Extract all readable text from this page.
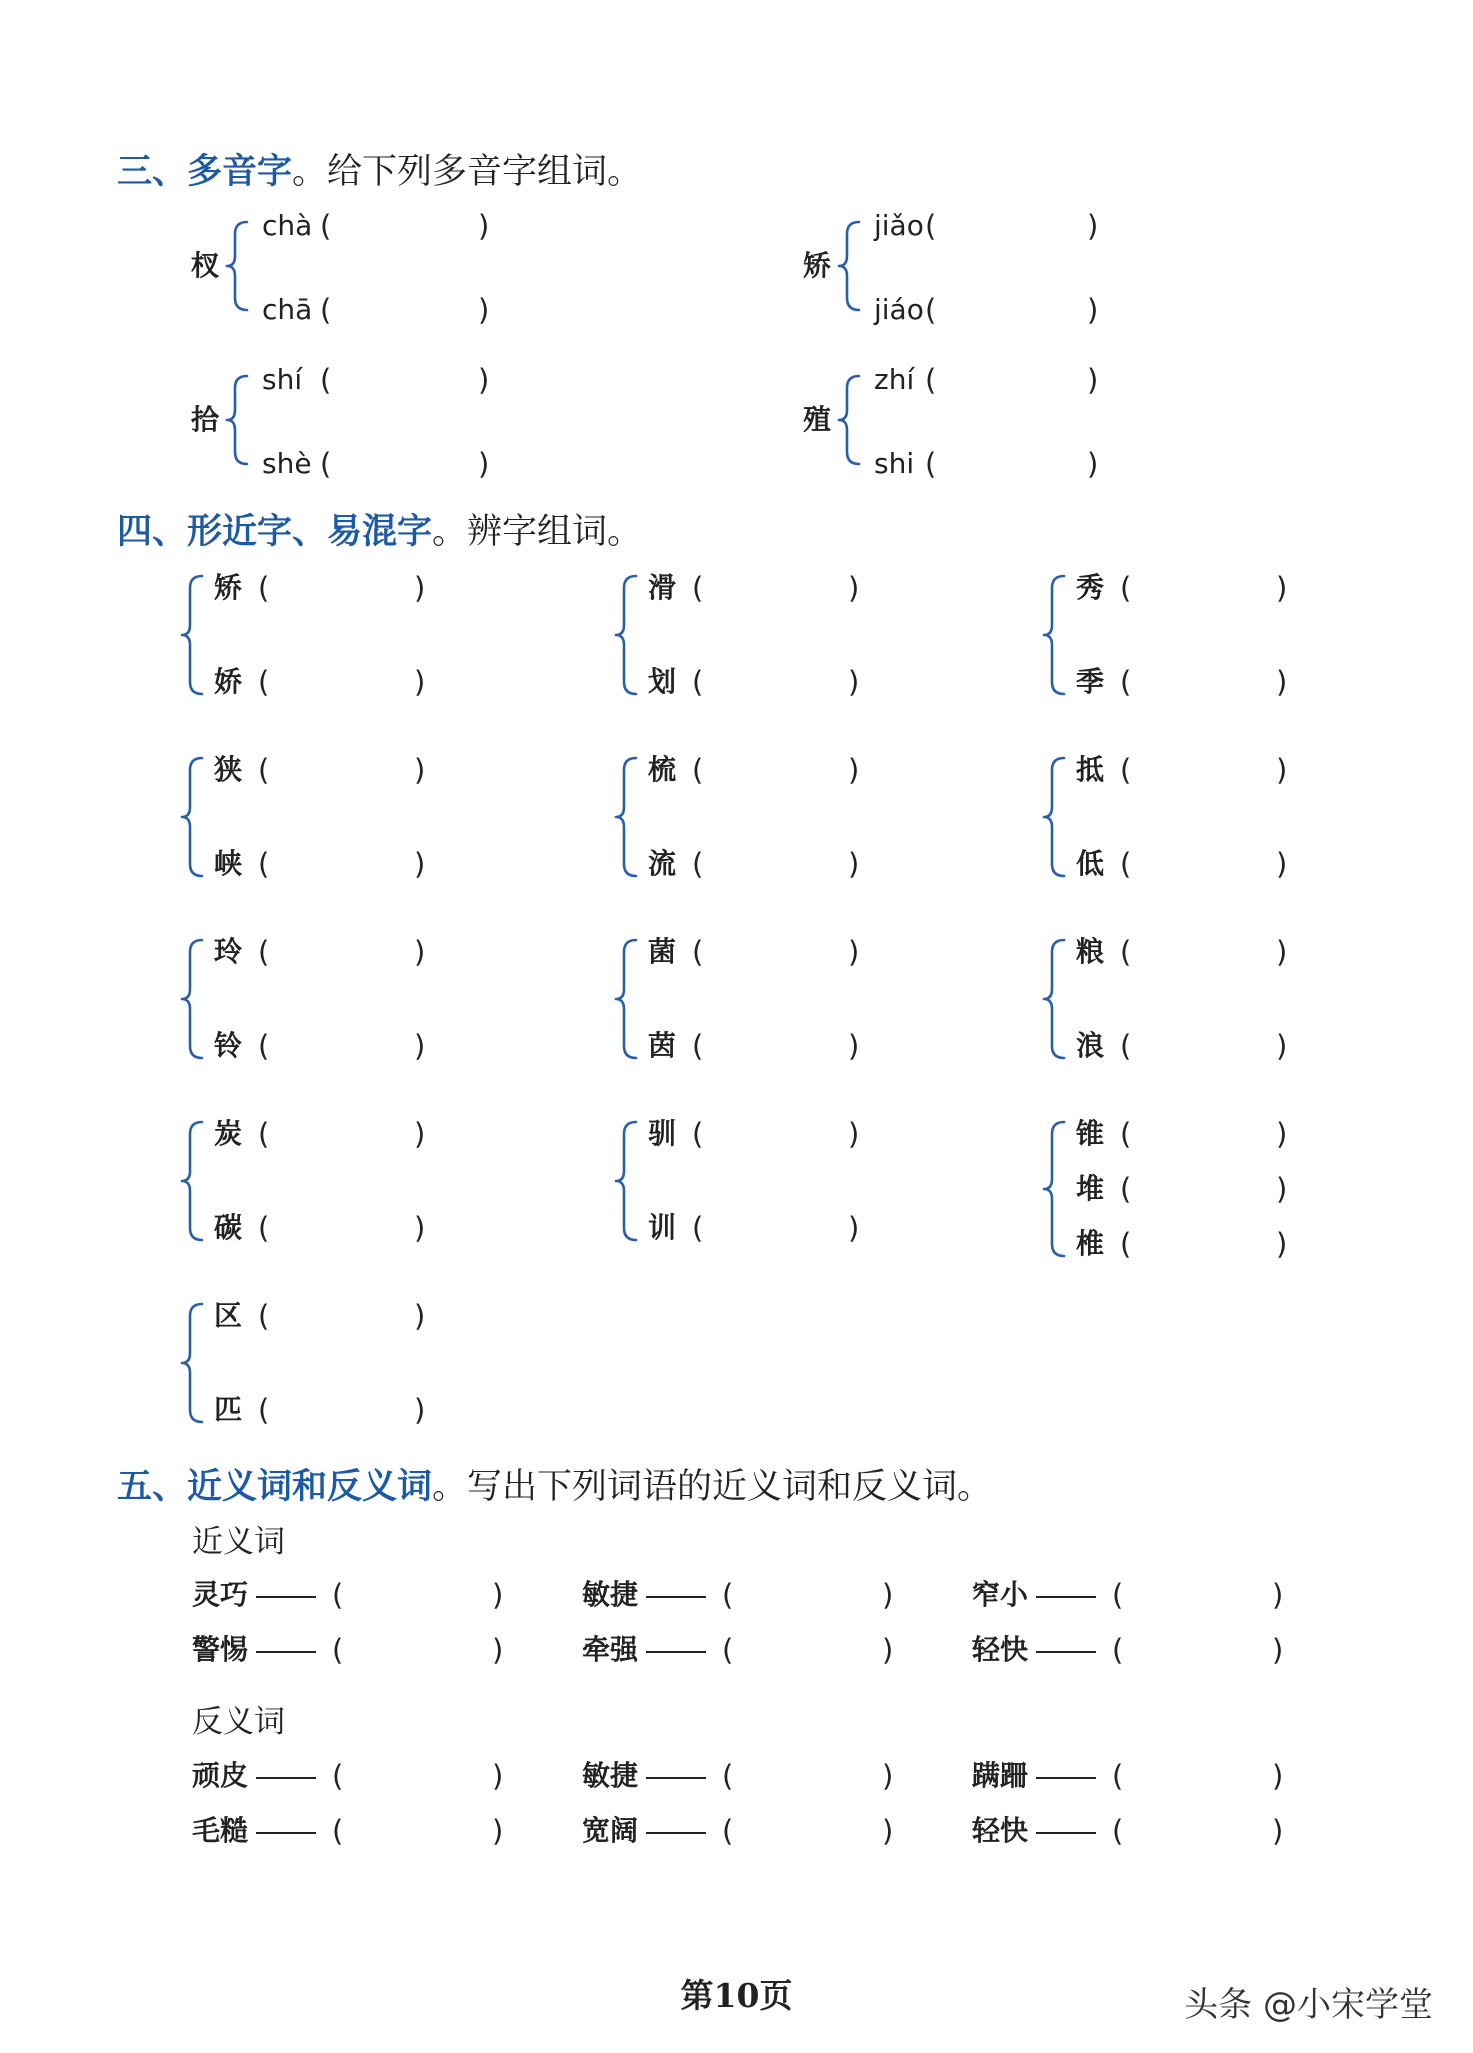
三、多音字。给下列多音字组词。
杈
chà (	)
chā (	)
矫
jiǎo (	)
jiáo (	)
拾
shí (	)
shè (	)
殖
zhí (	)
shi (	)
四、形近字、易混字。辨字组词。
矫 (	)
娇 (	)
滑 (	)
划 (	)
秀 (	)
季 (	)
狭 (	)
峡 (	)
梳 (	)
流 (	)
抵 (	)
低 (	)
玲 (	)
铃 (	)
菌 (	)
茵 (	)
粮 (	)
浪 (	)
炭 (	)
碳 (	)
驯 (	)
训 (	)
锥 (	)
堆 (	)
椎 (	)
区 (	)
匹 (	)
五、近义词和反义词。写出下列词语的近义词和反义词。
近义词
反义词
灵巧	(	)	敏捷	(	)	窄小	(	)
警惕	(	)	牵强	(	)	轻快	(	)
顽皮	(	)	敏捷	(	)	蹒跚	(	)
毛糙	(	)	宽阔	(	)	轻快	(	)
第10页	头条 @小宋学堂
